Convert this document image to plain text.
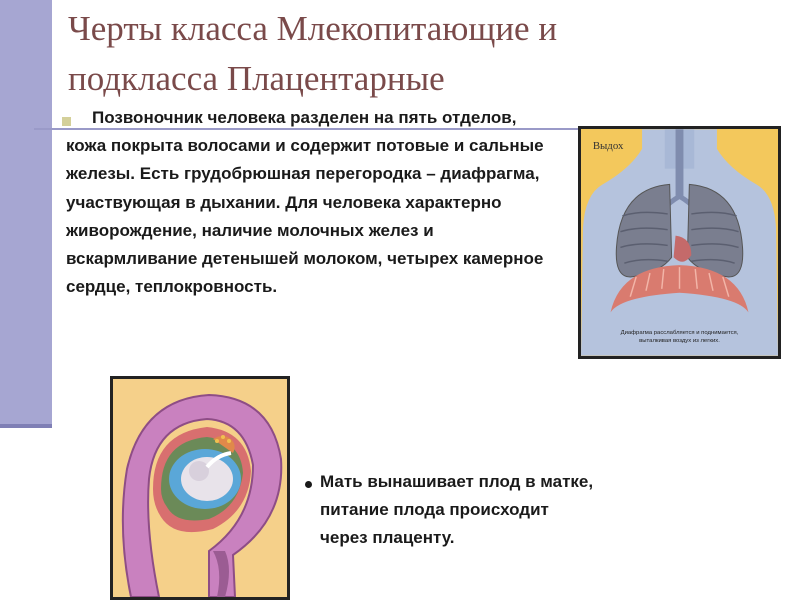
Черты класса Млекопитающие и
подкласса Плацентарные
Позвоночник человека разделен на пять отделов, кожа покрыта волосами и содержит потовые и сальные железы. Есть грудобрюшная перегородка – диафрагма, участвующая в дыхании. Для человека характерно живорождение, наличие молочных желез и вскармливание детенышей молоком, четырех камерное сердце, теплокровность.
Выдох
Диафрагма расслабляется и поднимается,
выталкивая воздух из легких.
Мать вынашивает плод в матке,
питание плода происходит
через плаценту.
